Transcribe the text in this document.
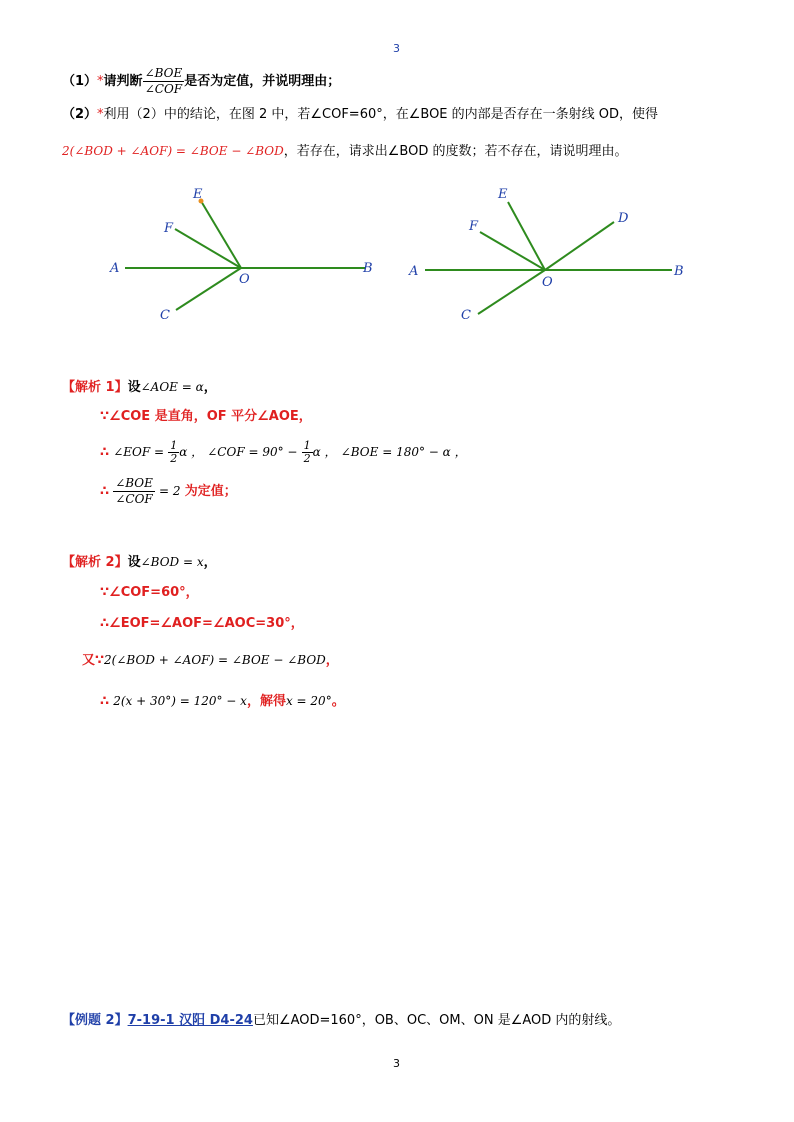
3
（1）*请判断 $\frac{\text{∠BOE}}{\text{∠COF}}$ 是否为定值，并说明理由；
（2）*利用（2）中的结论，在图 2 中，若∠COF=60°，在∠BOE 的内部是否存在一条射线 OD，使得
2(∠BOD + ∠AOF) = ∠BOE − ∠BOD，若存在，请求出∠BOD 的度数；若不存在，请说明理由。
A	B
E
F
O
C
A	B
E
F
D
O
C
【解析 1】设∠AOE = α，
∵∠COE 是直角，OF 平分∠AOE，
∴ ∠EOF = $\frac{1}{2}$ α ， ∠COF = $90^\circ - \frac{1}{2}$ α ， ∠BOE = 180° − α ，
∴ $\frac{\text{∠BOE}}{\text{∠COF}} = 2$ 为定值；
【解析 2】设∠BOD = x，
∵∠COF=60°，
∴∠EOF=∠AOF=∠AOC=30°，
又∵2(∠BOD + ∠AOF) = ∠BOE − ∠BOD，
∴ 2(x + 30°) = 120° − x，解得x = 20°。
【例题 2】7-19-1 汉阳 D4-24已知∠AOD=160°，OB、OC、OM、ON 是∠AOD 内的射线。
3
